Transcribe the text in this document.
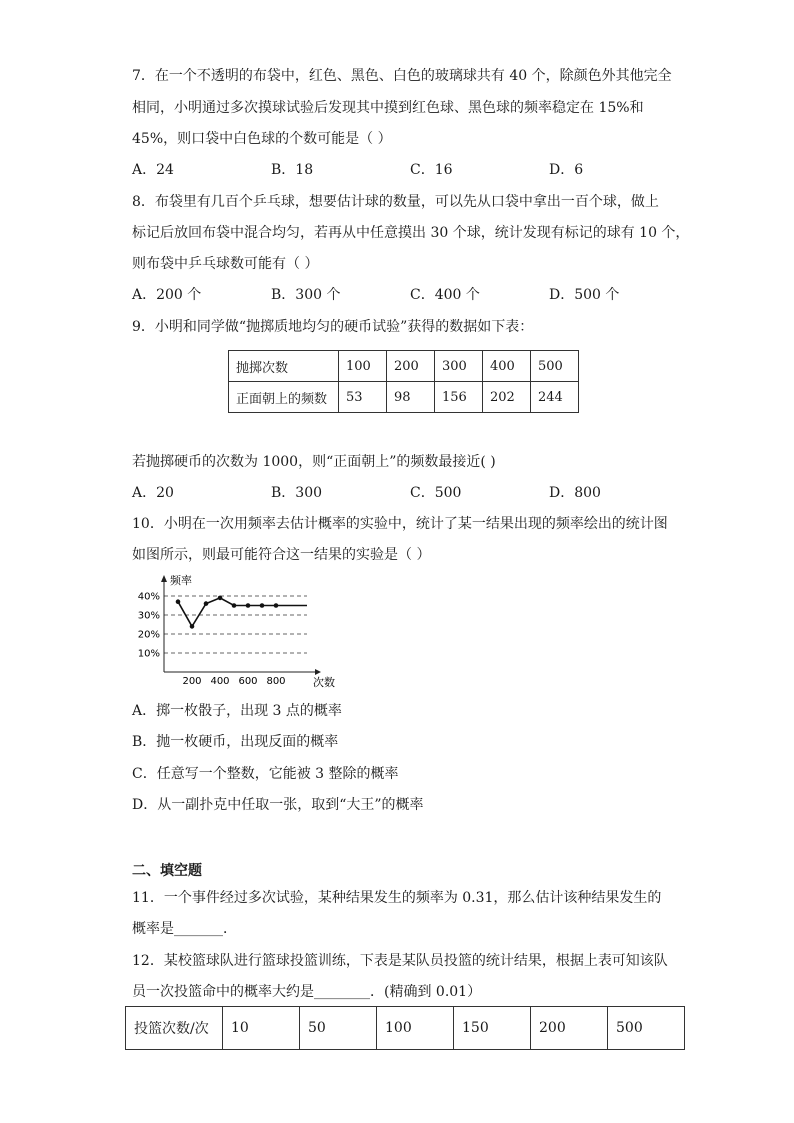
7．在一个不透明的布袋中，红色、黑色、白色的玻璃球共有 40 个，除颜色外其他完全
相同，小明通过多次摸球试验后发现其中摸到红色球、黑色球的频率稳定在 15%和
45%，则口袋中白色球的个数可能是（ ）
A．24	B．18	C．16	D．6
8．布袋里有几百个乒乓球，想要估计球的数量，可以先从口袋中拿出一百个球，做上
标记后放回布袋中混合均匀，若再从中任意摸出 30 个球，统计发现有标记的球有 10 个，
则布袋中乒乓球数可能有（ ）
A．200 个	B．300 个	C．400 个	D．500 个
9．小明和同学做“抛掷质地均匀的硬币试验”获得的数据如下表：
抛掷次数	100	200	300	400	500
正面朝上的频数	53	98	156	202	244
若抛掷硬币的次数为 1000，则“正面朝上”的频数最接近( )
A．20	B．300	C．500	D．800
10．小明在一次用频率去估计概率的实验中，统计了某一结果出现的频率绘出的统计图
如图所示，则最可能符合这一结果的实验是（ ）
40%
30%
20%
10%
200 400 600 800
频率
次数
A．掷一枚骰子，出现 3 点的概率
B．抛一枚硬币，出现反面的概率
C．任意写一个整数，它能被 3 整除的概率
D．从一副扑克中任取一张，取到“大王”的概率
二、填空题
11．一个事件经过多次试验，某种结果发生的频率为 0.31，那么估计该种结果发生的
概率是_______．
12．某校篮球队进行篮球投篮训练，下表是某队员投篮的统计结果，根据上表可知该队
员一次投篮命中的概率大约是________．(精确到 0.01）
投篮次数/次	10	50	100	150	200	500
